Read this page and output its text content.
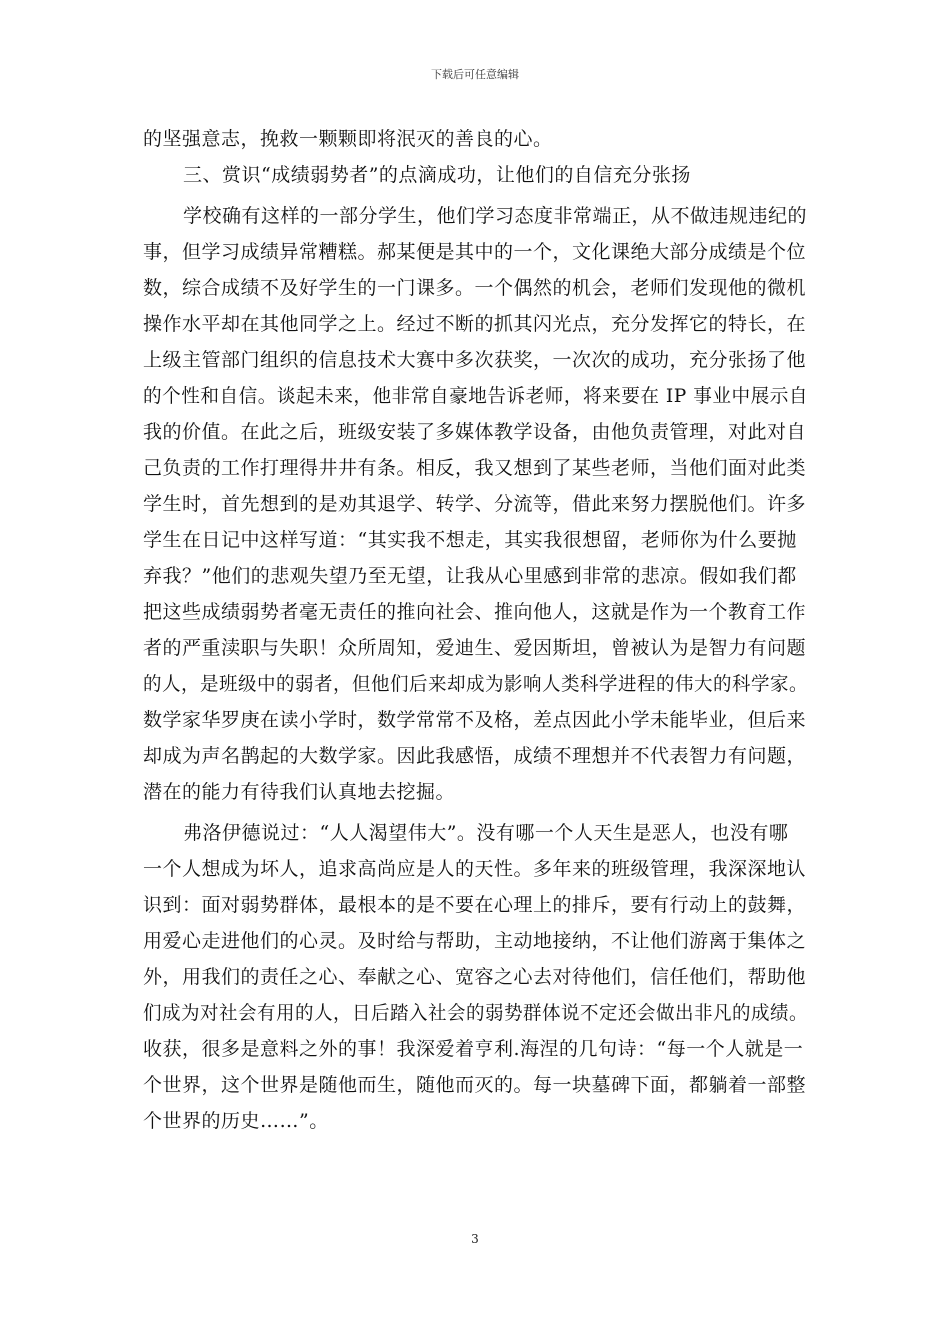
下载后可任意编辑
的坚强意志，挽救一颗颗即将泯灭的善良的心。
三、赏识“成绩弱势者”的点滴成功，让他们的自信充分张扬
学校确有这样的一部分学生，他们学习态度非常端正，从不做违规违纪的
事，但学习成绩异常糟糕。郝某便是其中的一个，文化课绝大部分成绩是个位
数，综合成绩不及好学生的一门课多。一个偶然的机会，老师们发现他的微机
操作水平却在其他同学之上。经过不断的抓其闪光点，充分发挥它的特长，在
上级主管部门组织的信息技术大赛中多次获奖，一次次的成功，充分张扬了他
的个性和自信。谈起未来，他非常自豪地告诉老师，将来要在 IP 事业中展示自
我的价值。在此之后，班级安装了多媒体教学设备，由他负责管理，对此对自
己负责的工作打理得井井有条。相反，我又想到了某些老师，当他们面对此类
学生时，首先想到的是劝其退学、转学、分流等，借此来努力摆脱他们。许多
学生在日记中这样写道：“其实我不想走，其实我很想留，老师你为什么要抛
弃我？”他们的悲观失望乃至无望，让我从心里感到非常的悲凉。假如我们都
把这些成绩弱势者毫无责任的推向社会、推向他人，这就是作为一个教育工作
者的严重渎职与失职！众所周知，爱迪生、爱因斯坦，曾被认为是智力有问题
的人，是班级中的弱者，但他们后来却成为影响人类科学进程的伟大的科学家。
数学家华罗庚在读小学时，数学常常不及格，差点因此小学未能毕业，但后来
却成为声名鹊起的大数学家。因此我感悟，成绩不理想并不代表智力有问题，
潜在的能力有待我们认真地去挖掘。
弗洛伊德说过：“人人渴望伟大”。没有哪一个人天生是恶人，也没有哪
一个人想成为坏人，追求高尚应是人的天性。多年来的班级管理，我深深地认
识到：面对弱势群体，最根本的是不要在心理上的排斥，要有行动上的鼓舞，
用爱心走进他们的心灵。及时给与帮助，主动地接纳，不让他们游离于集体之
外，用我们的责任之心、奉献之心、宽容之心去对待他们，信任他们，帮助他
们成为对社会有用的人，日后踏入社会的弱势群体说不定还会做出非凡的成绩。
收获，很多是意料之外的事！我深爱着亨利.海涅的几句诗：“每一个人就是一
个世界，这个世界是随他而生，随他而灭的。每一块墓碑下面，都躺着一部整
个世界的历史……”。
3
